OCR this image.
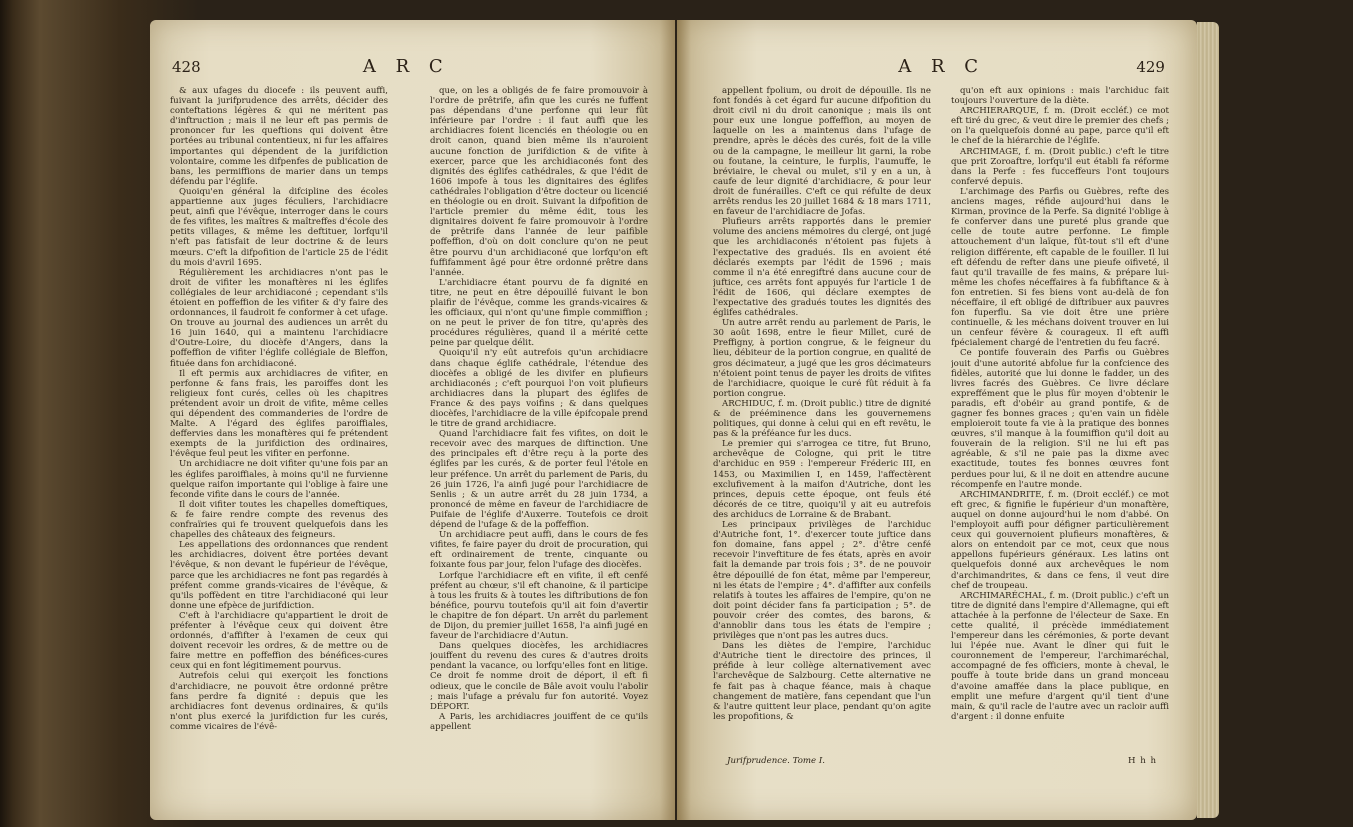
428	A R C

& aux ufages du diocefe : ils peuvent auffi, fuivant la jurifprudence des arrêts, décider des conteftations légères & qui ne méritent pas d'inftruction ; mais il ne leur eft pas permis de prononcer fur les queftions qui doivent être portées au tribunal contentieux, ni fur les affaires importantes qui dépendent de la jurifdiction volontaire, comme les difpenfes de publication de bans, les permiffions de marier dans un temps défendu par l'églife.

Quoiqu'en général la difcipline des écoles appartienne aux juges féculiers, l'archidiacre peut, ainfi que l'évêque, interroger dans le cours de fes vifites, les maîtres & maîtreffes d'école des petits villages, & même les deftituer, lorfqu'il n'eft pas fatisfait de leur doctrine & de leurs mœurs. C'eft la difpofition de l'article 25 de l'édit du mois d'avril 1695.

Régulièrement les archidiacres n'ont pas le droit de vifiter les monaftères ni les églifes collégiales de leur archidiaconé ; cependant s'ils étoient en poffeffion de les vifiter & d'y faire des ordonnances, il faudroit fe conformer à cet ufage. On trouve au journal des audiences un arrêt du 16 juin 1640, qui a maintenu l'archidiacre d'Outre-Loire, du diocèfe d'Angers, dans la poffeffion de vifiter l'églife collégiale de Bleffon, fituée dans fon archidiaconé.

Il eft permis aux archidiacres de vifiter, en perfonne & fans frais, les paroiffes dont les religieux font curés, celles où les chapitres prétendent avoir un droit de vifite, même celles qui dépendent des commanderies de l'ordre de Malte. A l'égard des églifes paroiffiales, deffervies dans les monaftères qui fe prétendent exempts de la jurifdiction des ordinaires, l'évêque feul peut les vifiter en perfonne.

Un archidiacre ne doit vifiter qu'une fois par an les églifes paroiffiales, à moins qu'il ne furvienne quelque raifon importante qui l'oblige à faire une feconde vifite dans le cours de l'année.

Il doit vifiter toutes les chapelles domeftiques, & fe faire rendre compte des revenus des confraïries qui fe trouvent quelquefois dans les chapelles des châteaux des feigneurs.

Les appellations des ordonnances que rendent les archidiacres, doivent être portées devant l'évêque, & non devant le fupérieur de l'évêque, parce que les archidiacres ne font pas regardés à préfent comme grands-vicaires de l'évêque, & qu'ils poffèdent en titre l'archidiaconé qui leur donne une efpèce de jurifdiction.

C'eft à l'archidiacre qu'appartient le droit de préfenter à l'évêque ceux qui doivent être ordonnés, d'affifter à l'examen de ceux qui doivent recevoir les ordres, & de mettre ou de faire mettre en poffeffion des bénéfices-cures ceux qui en font légitimement pourvus.

Autrefois celui qui exerçoit les fonctions d'archidiacre, ne pouvoit être ordonné prêtre fans perdre fa dignité : depuis que les archidiacres font devenus ordinaires, & qu'ils n'ont plus exercé la jurifdiction fur les curés, comme vicaires de l'évê-

que, on les a obligés de fe faire promouvoir à l'ordre de prêtrife, afin que les curés ne fuffent pas dépendans d'une perfonne qui leur fût inférieure par l'ordre : il faut auffi que les archidiacres foient licenciés en théologie ou en droit canon, quand bien même ils n'auroient aucune fonction de jurifdiction & de vifite à exercer, parce que les archidiaconés font des dignités des églifes cathédrales, & que l'édit de 1606 impofe à tous les dignitaires des églifes cathédrales l'obligation d'être docteur ou licencié en théologie ou en droit. Suivant la difpofition de l'article premier du même édit, tous les dignitaires doivent fe faire promouvoir à l'ordre de prêtrife dans l'année de leur paifible poffeffion, d'où on doit conclure qu'on ne peut être pourvu d'un archidiaconé que lorfqu'on eft fuffifamment âgé pour être ordonné prêtre dans l'année.

L'archidiacre étant pourvu de fa dignité en titre, ne peut en être dépouillé fuivant le bon plaifir de l'évêque, comme les grands-vicaires & les officiaux, qui n'ont qu'une fimple commiffion ; on ne peut le priver de fon titre, qu'après des procédures régulières, quand il a mérité cette peine par quelque délit.

Quoiqu'il n'y eût autrefois qu'un archidiacre dans chaque églife cathédrale, l'étendue des diocèfes a obligé de les divifer en plufieurs archidiaconés ; c'eft pourquoi l'on voit plufieurs archidiacres dans la plupart des églifes de France & des pays voifins ; & dans quelques diocèfes, l'archidiacre de la ville épifcopale prend le titre de grand archidiacre.

Quand l'archidiacre fait fes vifites, on doit le recevoir avec des marques de diftinction. Une des principales eft d'être reçu à la porte des églifes par les curés, & de porter feul l'étole en leur préfence. Un arrêt du parlement de Paris, du 26 juin 1726, l'a ainfi jugé pour l'archidiacre de Senlis ; & un autre arrêt du 28 juin 1734, a prononcé de même en faveur de l'archidiacre de Puifaie de l'églife d'Auxerre. Toutefois ce droit dépend de l'ufage & de la poffeffion.

Un archidiacre peut auffi, dans le cours de fes vifites, fe faire payer du droit de procuration, qui eft ordinairement de trente, cinquante ou foixante fous par jour, felon l'ufage des diocèfes.

Lorfque l'archidiacre eft en vifite, il eft cenfé préfent au chœur, s'il eft chanoine, & il participe à tous les fruits & à toutes les diftributions de fon bénéfice, pourvu toutefois qu'il ait foin d'avertir le chapitre de fon départ. Un arrêt du parlement de Dijon, du premier juillet 1658, l'a ainfi jugé en faveur de l'archidiacre d'Autun.

Dans quelques diocèfes, les archidiacres jouiffent du revenu des cures & d'autres droits pendant la vacance, ou lorfqu'elles font en litige. Ce droit fe nomme droit de déport, il eft fi odieux, que le concile de Bâle avoit voulu l'abolir ; mais l'ufage a prévalu fur fon autorité. Voyez DÉPORT.

A Paris, les archidiacres jouiffent de ce qu'ils appellent

A R C	429

appellent fpolium, ou droit de dépouille. Ils ne font fondés à cet égard fur aucune difpofition du droit civil ni du droit canonique ; mais ils ont pour eux une longue poffeffion, au moyen de laquelle on les a maintenus dans l'ufage de prendre, après le décès des curés, foit de la ville ou de la campagne, le meilleur lit garni, la robe ou foutane, la ceinture, le furplis, l'aumuffe, le bréviaire, le cheval ou mulet, s'il y en a un, à caufe de leur dignité d'archidiacre, & pour leur droit de funérailles. C'eft ce qui réfulte de deux arrêts rendus les 20 juillet 1684 & 18 mars 1711, en faveur de l'archidiacre de Jofas.

Plufieurs arrêts rapportés dans le premier volume des anciens mémoires du clergé, ont jugé que les archidiaconés n'étoient pas fujets à l'expectative des gradués. Ils en avoient été déclarés exempts par l'édit de 1596 ; mais comme il n'a été enregiftré dans aucune cour de juftice, ces arrêts font appuyés fur l'article 1 de l'édit de 1606, qui déclare exemptes de l'expectative des gradués toutes les dignités des églifes cathédrales.

Un autre arrêt rendu au parlement de Paris, le 30 août 1698, entre le fieur Millet, curé de Preffigny, à portion congrue, & le feigneur du lieu, débiteur de la portion congrue, en qualité de gros décimateur, a jugé que les gros décimateurs n'étoient point tenus de payer les droits de vifites de l'archidiacre, quoique le curé fût réduit à fa portion congrue.

ARCHIDUC, f. m. (Droit public.) titre de dignité & de prééminence dans les gouvernemens politiques, qui donne à celui qui en eft revêtu, le pas & la préféance fur les ducs.

Le premier qui s'arrogea ce titre, fut Bruno, archevêque de Cologne, qui prit le titre d'archiduc en 959 : l'empereur Fréderic III, en 1453, ou Maximilien I, en 1459, l'affectèrent exclufivement à la maifon d'Autriche, dont les princes, depuis cette époque, ont feuls été décorés de ce titre, quoiqu'il y ait eu autrefois des archiducs de Lorraine & de Brabant.

Les principaux privilèges de l'archiduc d'Autriche font, 1°. d'exercer toute juftice dans fon domaine, fans appel ; 2°. d'être cenfé recevoir l'inveftiture de fes états, après en avoir fait la demande par trois fois ; 3°. de ne pouvoir être dépouillé de fon état, même par l'empereur, ni les états de l'empire ; 4°. d'affifter aux confeils relatifs à toutes les affaires de l'empire, qu'on ne doit point décider fans fa participation ; 5°. de pouvoir créer des comtes, des barons, & d'annoblir dans tous les états de l'empire ; privilèges que n'ont pas les autres ducs.

Dans les diètes de l'empire, l'archiduc d'Autriche tient le directoire des princes, il préfide à leur collège alternativement avec l'archevêque de Salzbourg. Cette alternative ne fe fait pas à chaque féance, mais à chaque changement de matière, fans cependant que l'un & l'autre quittent leur place, pendant qu'on agite les propofitions, &

qu'on eft aux opinions : mais l'archiduc fait toujours l'ouverture de la diète.

ARCHIERARQUE, f. m. (Droit eccléf.) ce mot eft tiré du grec, & veut dire le premier des chefs ; on l'a quelquefois donné au pape, parce qu'il eft le chef de la hiérarchie de l'églife.

ARCHIMAGE, f. m. (Droit public.) c'eft le titre que prit Zoroaftre, lorfqu'il eut établi fa réforme dans la Perfe : fes fucceffeurs l'ont toujours confervé depuis.

L'archimage des Parfis ou Guèbres, refte des anciens mages, réfide aujourd'hui dans le Kirman, province de la Perfe. Sa dignité l'oblige à fe conferver dans une pureté plus grande que celle de toute autre perfonne. Le fimple attouchement d'un laïque, fût-tout s'il eft d'une religion différente, eft capable de le fouiller. Il lui eft défendu de refter dans une pieufe oifiveté, il faut qu'il travaille de fes mains, & prépare lui-même les chofes néceffaires à fa fubfiftance & à fon entretien. Si fes biens vont au-delà de fon néceffaire, il eft obligé de diftribuer aux pauvres fon fuperflu. Sa vie doit être une prière continuelle, & les méchans doivent trouver en lui un cenfeur févère & courageux. Il eft auffi fpécialement chargé de l'entretien du feu facré.

Ce pontife fouverain des Parfis ou Guèbres jouit d'une autorité abfolue fur la confcience des fidèles, autorité que lui donne le fadder, un des livres facrés des Guèbres. Ce livre déclare expreffément que le plus fûr moyen d'obtenir le paradis, eft d'obéir au grand pontife, & de gagner fes bonnes graces ; qu'en vain un fidèle emploieroit toute fa vie à la pratique des bonnes œuvres, s'il manque à la foumiffion qu'il doit au fouverain de la religion. S'il ne lui eft pas agréable, & s'il ne paie pas la dixme avec exactitude, toutes fes bonnes œuvres font perdues pour lui, & il ne doit en attendre aucune récompenfe en l'autre monde.

ARCHIMANDRITE, f. m. (Droit eccléf.) ce mot eft grec, & fignifie le fupérieur d'un monaftère, auquel on donne aujourd'hui le nom d'abbé. On l'employoit auffi pour défigner particulièrement ceux qui gouvernoient plufieurs monaftères, & alors on entendoit par ce mot, ceux que nous appellons fupérieurs généraux. Les latins ont quelquefois donné aux archevêques le nom d'archimandrites, & dans ce fens, il veut dire chef de troupeau.

ARCHIMARÉCHAL, f. m. (Droit public.) c'eft un titre de dignité dans l'empire d'Allemagne, qui eft attachée à la perfonne de l'électeur de Saxe. En cette qualité, il précède immédiatement l'empereur dans les cérémonies, & porte devant lui l'épée nue. Avant le dîner qui fuit le couronnement de l'empereur, l'archimaréchal, accompagné de fes officiers, monte à cheval, le pouffe à toute bride dans un grand monceau d'avoine amaffée dans la place publique, en emplit une mefure d'argent qu'il tient d'une main, & qu'il racle de l'autre avec un racloir auffi d'argent : il donne enfuite

Jurifprudence. Tome I.	H h h
